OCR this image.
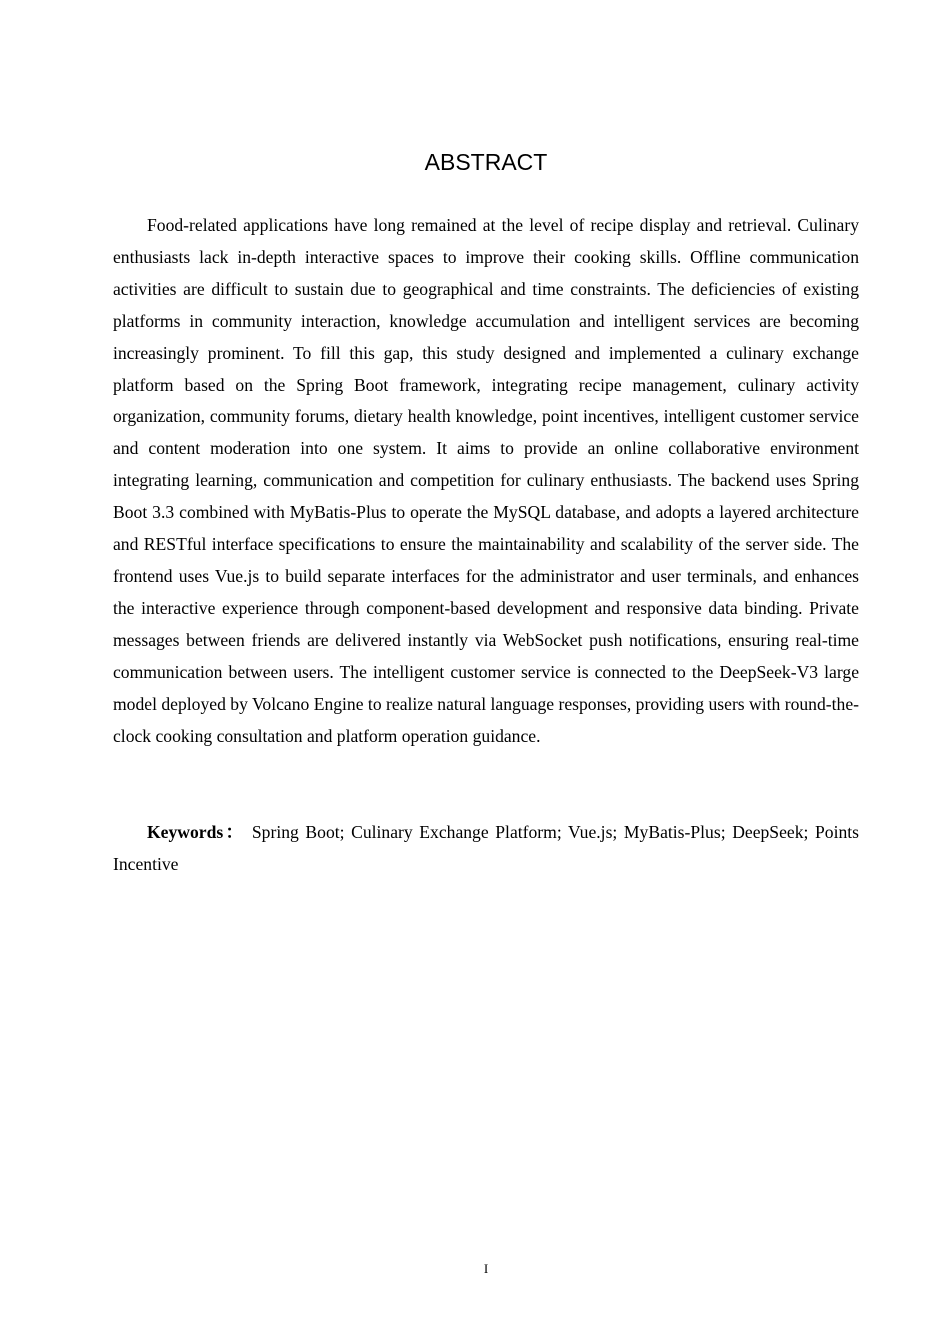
ABSTRACT

Food-related applications have long remained at the level of recipe display and retrieval. Culinary enthusiasts lack in-depth interactive spaces to improve their cooking skills. Offline communication activities are difficult to sustain due to geographical and time constraints. The deficiencies of existing platforms in community interaction, knowledge accumulation and intelligent services are becoming increasingly prominent. To fill this gap, this study designed and implemented a culinary exchange platform based on the Spring Boot framework, integrating recipe management, culinary activity organization, community forums, dietary health knowledge, point incentives, intelligent customer service and content moderation into one system. It aims to provide an online collaborative environment integrating learning, communication and competition for culinary enthusiasts. The backend uses Spring Boot 3.3 combined with MyBatis-Plus to operate the MySQL database, and adopts a layered architecture and RESTful interface specifications to ensure the maintainability and scalability of the server side. The frontend uses Vue.js to build separate interfaces for the administrator and user terminals, and enhances the interactive experience through component-based development and responsive data binding. Private messages between friends are delivered instantly via WebSocket push notifications, ensuring real-time communication between users. The intelligent customer service is connected to the DeepSeek-V3 large model deployed by Volcano Engine to realize natural language responses, providing users with round-the-clock cooking consultation and platform operation guidance.

Keywords： Spring Boot; Culinary Exchange Platform; Vue.js; MyBatis-Plus; DeepSeek; Points Incentive

I
